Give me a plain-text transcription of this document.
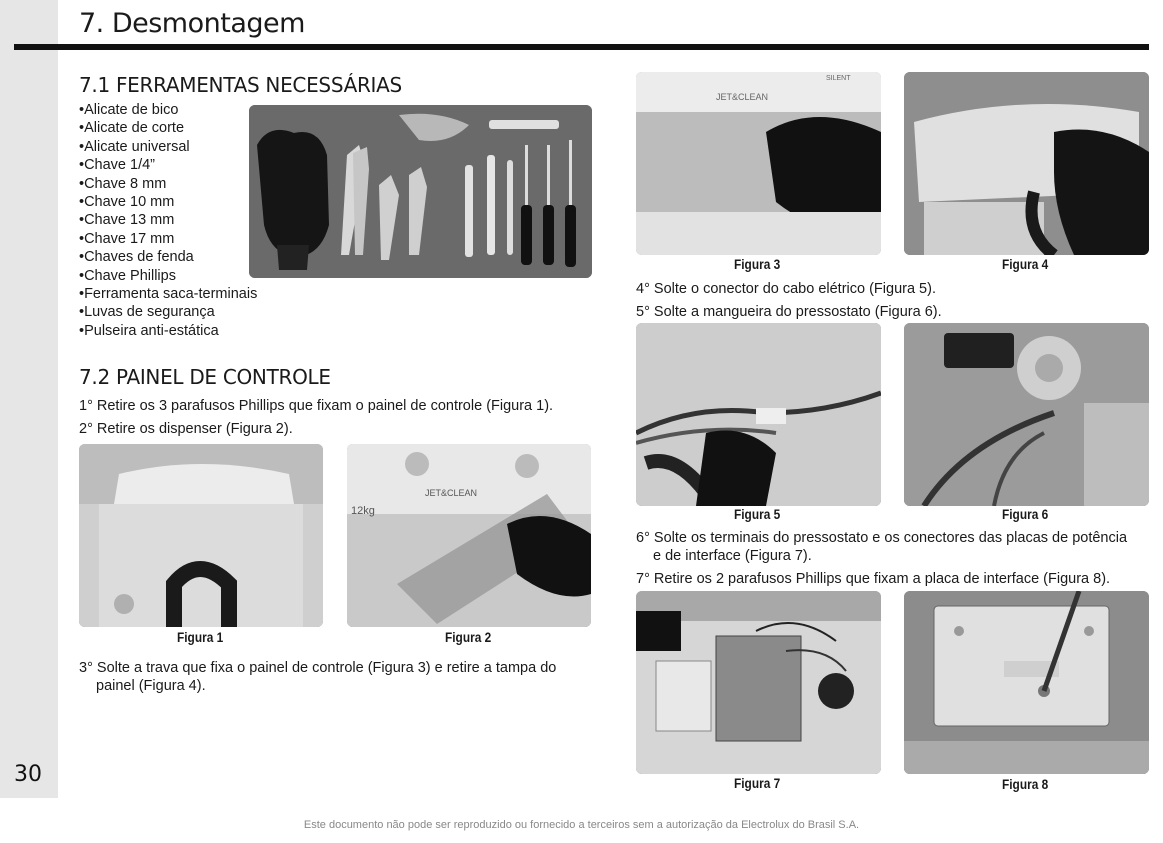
30
7. Desmontagem
7.1 FERRAMENTAS NECESSÁRIAS
• Alicate de bico
• Alicate de corte
• Alicate universal
• Chave 1/4”
• Chave 8 mm
• Chave 10 mm
• Chave 13 mm
• Chave 17 mm
• Chaves de fenda
• Chave Phillips
• Ferramenta saca-terminais
• Luvas de segurança
• Pulseira anti-estática
7.2 PAINEL DE CONTROLE

1° Retire os 3 parafusos Phillips que fixam o painel de controle (Figura 1).

2° Retire os dispenser (Figura 2).

JET&CLEAN
12kg
Figura 1	Figura 2

3° Solte a trava que fixa o painel de controle (Figura 3) e retire a tampa do

painel (Figura 4).

JET&CLEAN
SILENT
Figura 3	Figura 4

4° Solte o conector do cabo elétrico (Figura 5).

5° Solte a mangueira do pressostato (Figura 6).

Figura 5	Figura 6

6° Solte os terminais do pressostato e os conectores das placas de potência

e de interface (Figura 7).

7° Retire os 2 parafusos Phillips que fixam a placa de interface (Figura 8).

Figura 7	Figura 8
Este documento não pode ser reproduzido ou fornecido a terceiros sem a autorização da Electrolux do Brasil S.A.
